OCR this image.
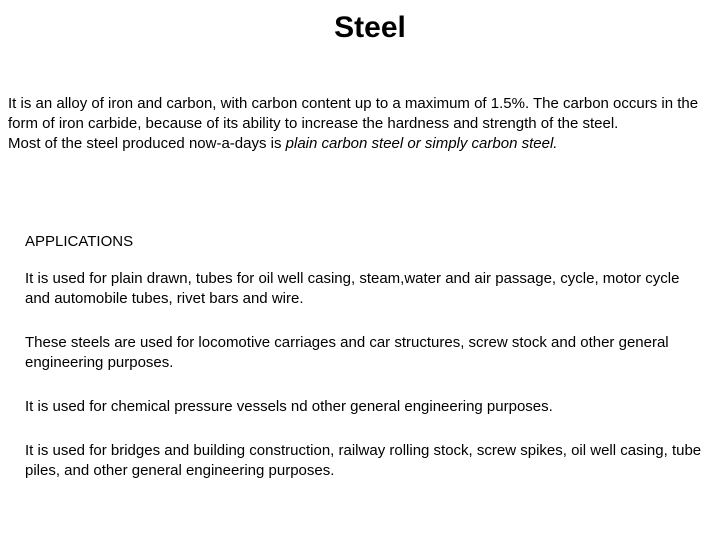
Steel

It is an alloy of iron and carbon, with carbon content up to a maximum of 1.5%. The carbon occurs in the form of iron carbide, because of its ability to increase the hardness and strength of the steel.

Most of the steel produced now-a-days is plain carbon steel or simply carbon steel.

APPLICATIONS

It is used for plain drawn, tubes for oil well casing, steam,water and air passage, cycle, motor cycle and automobile tubes, rivet bars and wire.

These steels are used for locomotive carriages and car structures, screw stock and other general engineering purposes.

It is used for chemical pressure vessels nd other general engineering purposes.

It is used for bridges and building construction, railway rolling stock, screw spikes, oil well casing, tube piles, and other general engineering purposes.
